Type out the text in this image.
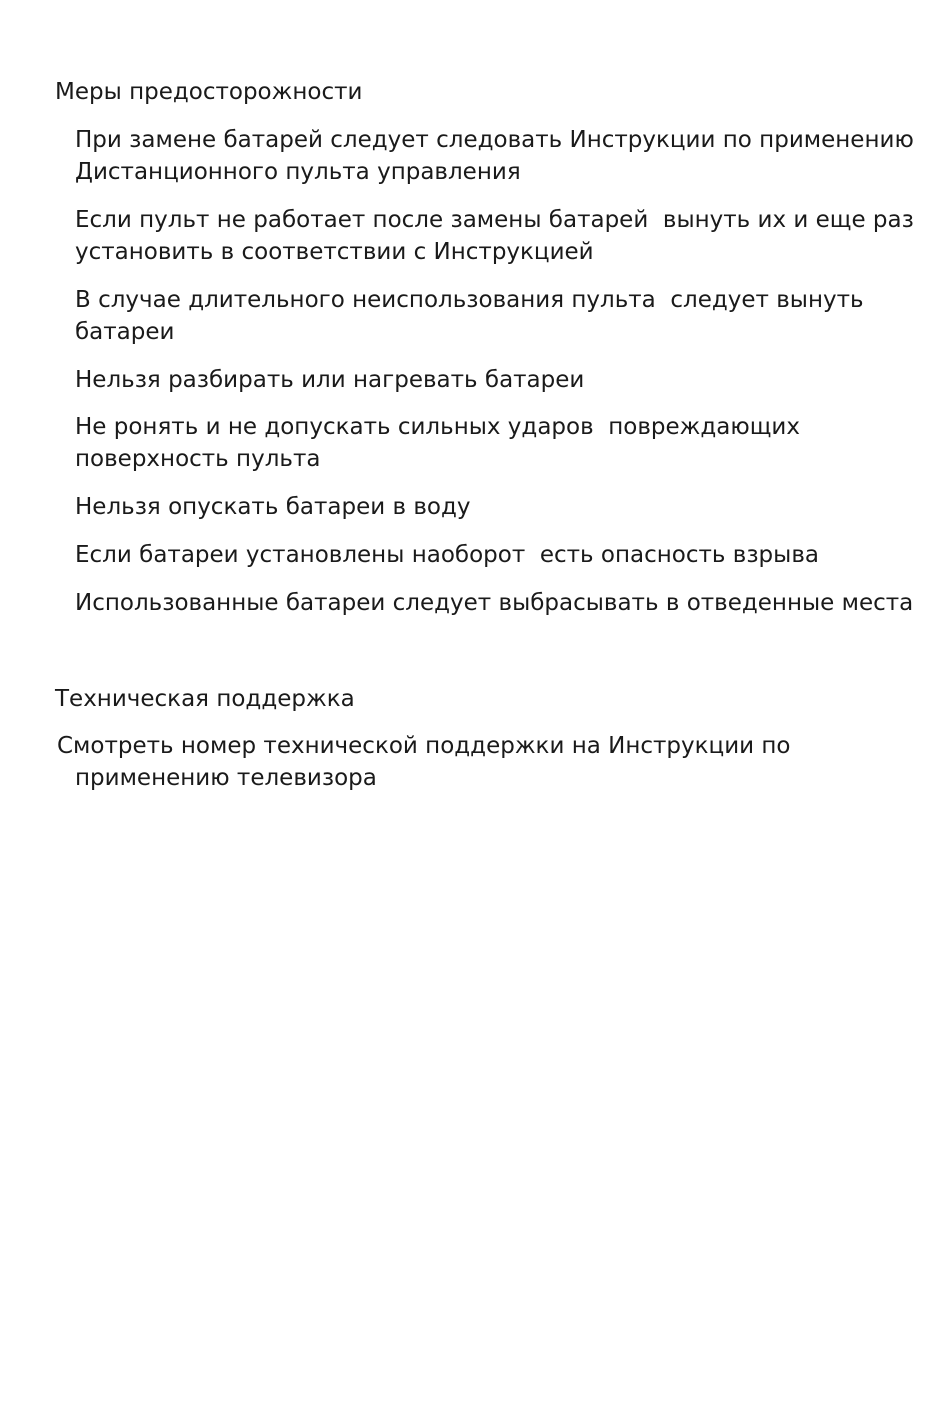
Меры предосторожности

При замене батарей следует следовать Инструкции по применению
Дистанционного пульта управления

Если пульт не работает после замены батарей  вынуть их и еще раз
установить в соответствии с Инструкцией

В случае длительного неиспользования пульта  следует вынуть
батареи

Нельзя разбирать или нагревать батареи

Не ронять и не допускать сильных ударов  повреждающих
поверхность пульта

Нельзя опускать батареи в воду

Если батареи установлены наоборот  есть опасность взрыва

Использованные батареи следует выбрасывать в отведенные места

Техническая поддержка

Смотреть номер технической поддержки на Инструкции по
применению телевизора
